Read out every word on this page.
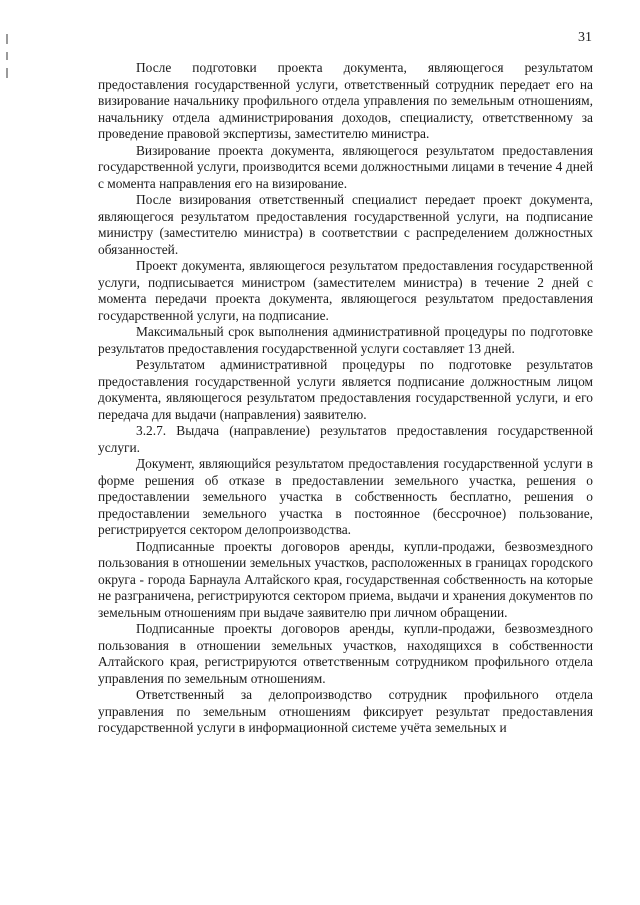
31

После подготовки проекта документа, являющегося результатом предоставления государственной услуги, ответственный сотрудник передает его на визирование начальнику профильного отдела управления по земельным отношениям, начальнику отдела администрирования доходов, специалисту, ответственному за проведение правовой экспертизы, заместителю министра.

Визирование проекта документа, являющегося результатом предоставления государственной услуги, производится всеми должностными лицами в течение 4 дней с момента направления его на визирование.

После визирования ответственный специалист передает проект документа, являющегося результатом предоставления государственной услуги, на подписание министру (заместителю министра) в соответствии с распределением должностных обязанностей.

Проект документа, являющегося результатом предоставления государственной услуги, подписывается министром (заместителем министра) в течение 2 дней с момента передачи проекта документа, являющегося результатом предоставления государственной услуги, на подписание.

Максимальный срок выполнения административной процедуры по подготовке результатов предоставления государственной услуги составляет 13 дней.

Результатом административной процедуры по подготовке результатов предоставления государственной услуги является подписание должностным лицом документа, являющегося результатом предоставления государственной услуги, и его передача для выдачи (направления) заявителю.

3.2.7. Выдача (направление) результатов предоставления государственной услуги.

Документ, являющийся результатом предоставления государственной услуги в форме решения об отказе в предоставлении земельного участка, решения о предоставлении земельного участка в собственность бесплатно, решения о предоставлении земельного участка в постоянное (бессрочное) пользование, регистрируется сектором делопроизводства.

Подписанные проекты договоров аренды, купли-продажи, безвозмездного пользования в отношении земельных участков, расположенных в границах городского округа - города Барнаула Алтайского края, государственная собственность на которые не разграничена, регистрируются сектором приема, выдачи и хранения документов по земельным отношениям при выдаче заявителю при личном обращении.

Подписанные проекты договоров аренды, купли-продажи, безвозмездного пользования в отношении земельных участков, находящихся в собственности Алтайского края, регистрируются ответственным сотрудником профильного отдела управления по земельным отношениям.

Ответственный за делопроизводство сотрудник профильного отдела управления по земельным отношениям фиксирует результат предоставления государственной услуги в информационной системе учёта земельных и
